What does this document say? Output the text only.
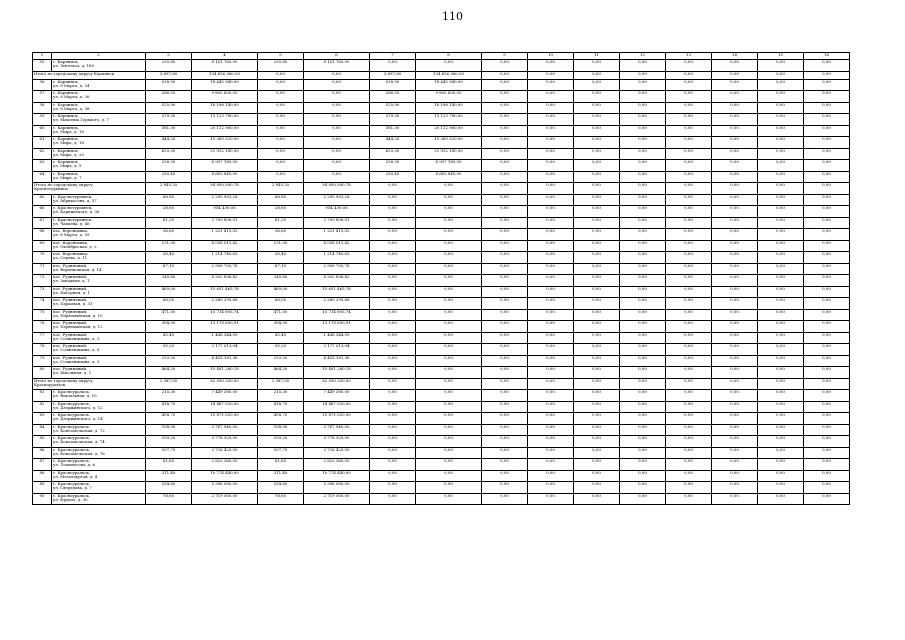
110
1	2	3	4	5	6	7	8	9	10	11	12	13	14	15	16
55	г. Карпинск,
ул. Энгельса, д. 180	235,60	8 151 760,00	235,60	8 151 760,00	0,00	0,00	0,00	0,00	0,00	0,00	0,00	0,00	0,00	0,00

Итого по городскому округу Карпинск		3 897,60	134 856 960,00	0,00	0,00	3 897,60	134 856 960,00	0,00	0,00	0,00	0,00	0,00	0,00	0,00	0,00
56	г. Карпинск,
ул. 8 Марта, д. 34	538,90	18 645 940,00	0,00	0,00	538,90	18 645 940,00	0,00	0,00	0,00	0,00	0,00	0,00	0,00	0,00
57	г. Карпинск,
ул. 8 Марта, д. 36	286,00	9 895 600,00	0,00	0,00	286,00	9 895 600,00	0,00	0,00	0,00	0,00	0,00	0,00	0,00	0,00
58	г. Карпинск,
ул. 8 Марта, д. 38	525,90	18 196 140,00	0,00	0,00	525,90	18 196 140,00	0,00	0,00	0,00	0,00	0,00	0,00	0,00	0,00
59	г. Карпинск,
ул. Максима Горького, д. 7	379,30	13 123 780,00	0,00	0,00	379,30	13 123 780,00	0,00	0,00	0,00	0,00	0,00	0,00	0,00	0,00
60	г. Карпинск,
ул. Мира, д. 16	581,30	20 112 980,00	0,00	0,00	581,30	20 112 980,00	0,00	0,00	0,00	0,00	0,00	0,00	0,00	0,00
61	г. Карпинск,
ул. Мира, д. 18	444,20	15 369 320,00	0,00	0,00	444,20	15 369 320,00	0,00	0,00	0,00	0,00	0,00	0,00	0,00	0,00
62	г. Карпинск,
ул. Мира, д. 20	633,30	21 912 180,00	0,00	0,00	633,30	21 912 180,00	0,00	0,00	0,00	0,00	0,00	0,00	0,00	0,00
63	г. Карпинск,
ул. Мира, д. 5	258,30	8 937 180,00	0,00	0,00	258,30	8 937 180,00	0,00	0,00	0,00	0,00	0,00	0,00	0,00	0,00
64	г. Карпинск,
ул. Мира, д. 7	250,40	8 663 840,00	0,00	0,00	250,40	8 663 840,00	0,00	0,00	0,00	0,00	0,00	0,00	0,00	0,00

Итого по городскому округу
Краснотурьинск		2 845,20	94 950 000,78	2 845,20	94 950 000,78	0,00	0,00	0,00	0,00	0,00	0,00	0,00	0,00	0,00	0,00
65	г. Краснотурьинск,
ул. Абрикосова, д. 37	68,80	2 295 993,28	68,80	2 295 993,28	0,00	0,00	0,00	0,00	0,00	0,00	0,00	0,00	0,00	0,00
66	г. Краснотурьинск,
ул. Карпинского, д. 36	28,60	954 439,06	28,60	954 439,06	0,00	0,00	0,00	0,00	0,00	0,00	0,00	0,00	0,00	0,00
67	г. Краснотурьинск,
ул. Чапаева, д. 46	81,20	2 709 806,01	81,20	2 709 806,01	0,00	0,00	0,00	0,00	0,00	0,00	0,00	0,00	0,00	0,00
68	пос. Воронцовка,
ул. 8 Марта, д. 59	36,60	1 221 415,02	36,60	1 221 415,02	0,00	0,00	0,00	0,00	0,00	0,00	0,00	0,00	0,00	0,00
69	пос. Воронцовка,
ул. Октябрьская, д. 2	121,00	4 038 011,42	121,00	4 038 011,42	0,00	0,00	0,00	0,00	0,00	0,00	0,00	0,00	0,00	0,00
70	пос. Воронцовка,
ул. Серова, д. 11	36,40	1 214 740,63	36,40	1 214 740,63	0,00	0,00	0,00	0,00	0,00	0,00	0,00	0,00	0,00	0,00
71	пос. Рудничный,
ул. Воронцовская, д. 14	87,10	2 906 700,78	87,10	2 906 700,78	0,00	0,00	0,00	0,00	0,00	0,00	0,00	0,00	0,00	0,00
72	пос. Рудничный,
ул. Западная, д. 1	245,80	8 202 836,42	245,80	8 202 836,42	0,00	0,00	0,00	0,00	0,00	0,00	0,00	0,00	0,00	0,00
73	пос. Рудничный,
ул. Нагорная, д. 1	469,00	15 651 465,76	469,00	15 651 465,76	0,00	0,00	0,00	0,00	0,00	0,00	0,00	0,00	0,00	0,00
74	пос. Рудничный,
ул. Парковая, д. 31	68,00	2 269 295,68	68,00	2 269 295,68	0,00	0,00	0,00	0,00	0,00	0,00	0,00	0,00	0,00	0,00
75	пос. Рудничный,
ул. Первомайская, д. 10	471,50	15 734 895,74	471,50	15 734 895,74	0,00	0,00	0,00	0,00	0,00	0,00	0,00	0,00	0,00	0,00
76	пос. Рудничный,
ул. Первомайская, д. 12	394,90	13 178 600,91	394,90	13 178 600,91	0,00	0,00	0,00	0,00	0,00	0,00	0,00	0,00	0,00	0,00
77	пос. Рудничный,
ул. Солженицына, д. 3	43,40	1 448 344,59	43,40	1 448 344,59	0,00	0,00	0,00	0,00	0,00	0,00	0,00	0,00	0,00	0,00
78	пос. Рудничный,
ул. Солженицына, д. 8	95,20	3 177 013,94	95,20	3 177 013,94	0,00	0,00	0,00	0,00	0,00	0,00	0,00	0,00	0,00	0,00
79	пос. Рудничный,
ул. Солженицына, д. 9	133,50	4 455 161,36	133,50	4 455 161,36	0,00	0,00	0,00	0,00	0,00	0,00	0,00	0,00	0,00	0,00
80	пос. Рудничный,
ул. Школьная, д. 1	464,20	15 491 280,18	464,20	15 491 280,18	0,00	0,00	0,00	0,00	0,00	0,00	0,00	0,00	0,00	0,00

Итого по городскому округу
Красноуральск		2 387,00	82 590 200,00	2 387,00	82 590 200,00	0,00	0,00	0,00	0,00	0,00	0,00	0,00	0,00	0,00	0,00
81	г. Красноуральск,
ул. Вокзальная, д. 19	215,30	7 449 380,00	215,30	7 449 380,00	0,00	0,00	0,00	0,00	0,00	0,00	0,00	0,00	0,00	0,00
82	г. Красноуральск,
ул. Дзержинского, д. 12	418,70	14 487 020,00	418,70	14 487 020,00	0,00	0,00	0,00	0,00	0,00	0,00	0,00	0,00	0,00	0,00
83	г. Красноуральск,
ул. Дзержинского, д. 14	458,70	15 871 020,00	458,70	15 871 020,00	0,00	0,00	0,00	0,00	0,00	0,00	0,00	0,00	0,00	0,00
84	г. Красноуральск,
ул. Комсомольская, д. 72	108,90	3 767 940,00	108,90	3 767 940,00	0,00	0,00	0,00	0,00	0,00	0,00	0,00	0,00	0,00	0,00
85	г. Красноуральск,
ул. Комсомольская, д. 74	109,20	3 778 320,00	109,20	3 778 320,00	0,00	0,00	0,00	0,00	0,00	0,00	0,00	0,00	0,00	0,00
86	г. Красноуральск,
ул. Комсомольская, д. 76	107,70	3 726 420,00	107,70	3 726 420,00	0,00	0,00	0,00	0,00	0,00	0,00	0,00	0,00	0,00	0,00
87	г. Красноуральск,
ул. Ломоносова, д. 6	81,60	2 823 360,00	81,60	2 823 360,00	0,00	0,00	0,00	0,00	0,00	0,00	0,00	0,00	0,00	0,00
88	г. Красноуральск,
ул. Металлургов, д. 4	311,40	10 774 440,00	311,40	10 774 440,00	0,00	0,00	0,00	0,00	0,00	0,00	0,00	0,00	0,00	0,00
89	г. Красноуральск,
ул. Свердлова, д. 7	154,80	5 356 080,00	154,80	5 356 080,00	0,00	0,00	0,00	0,00	0,00	0,00	0,00	0,00	0,00	0,00
90	г. Красноуральск,
ул. Фрунзе, д. 30	78,60	2 719 560,00	78,60	2 719 560,00	0,00	0,00	0,00	0,00	0,00	0,00	0,00	0,00	0,00	0,00
